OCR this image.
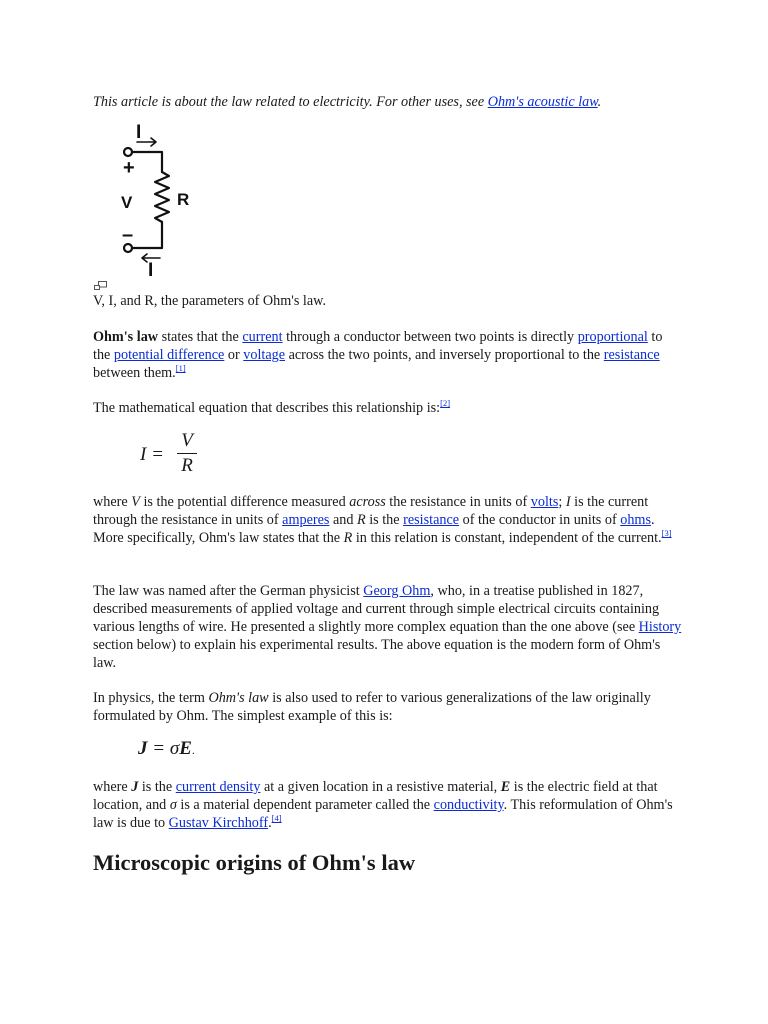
This article is about the law related to electricity. For other uses, see Ohm's acoustic law.

I
+
V	R
–
I

V, I, and R, the parameters of Ohm's law.

Ohm's law states that the current through a conductor between two points is directly proportional to the potential difference or voltage across the two points, and inversely proportional to the resistance between them.[1]

The mathematical equation that describes this relationship is:[2]

I =
V
R

where V is the potential difference measured across the resistance in units of volts; I is the current through the resistance in units of amperes and R is the resistance of the conductor in units of ohms. More specifically, Ohm's law states that the R in this relation is constant, independent of the current.[3]

The law was named after the German physicist Georg Ohm, who, in a treatise published in 1827, described measurements of applied voltage and current through simple electrical circuits containing various lengths of wire. He presented a slightly more complex equation than the one above (see History section below) to explain his experimental results. The above equation is the modern form of Ohm's law.

In physics, the term Ohm's law is also used to refer to various generalizations of the law originally formulated by Ohm. The simplest example of this is:

J = σE.

where J is the current density at a given location in a resistive material, E is the electric field at that location, and σ is a material dependent parameter called the conductivity. This reformulation of Ohm's law is due to Gustav Kirchhoff.[4]

Microscopic origins of Ohm's law
